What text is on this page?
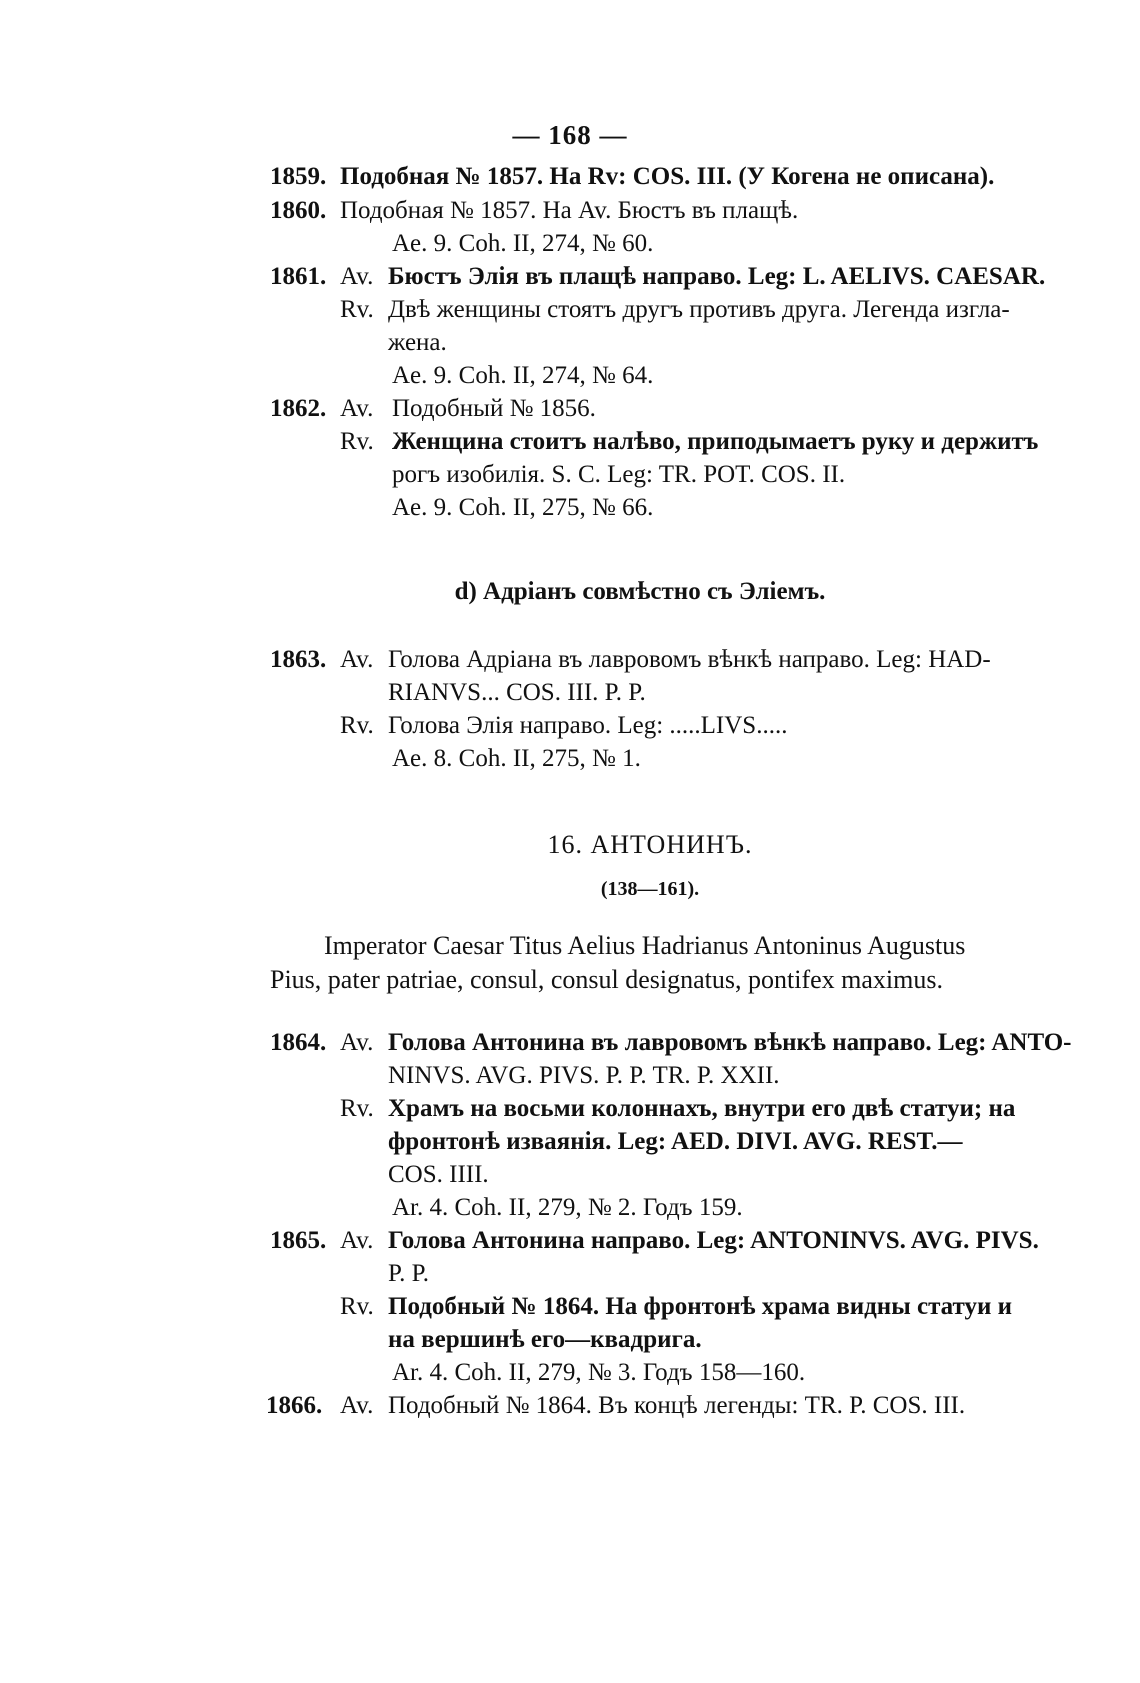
— 168 —
1859. Подобная № 1857. На Rv: COS. III. (У Когена не описана).
1860. Подобная № 1857. На Av. Бюстъ въ плащѣ.
Ae. 9. Coh. II, 274, № 60.
1861. Av. Бюстъ Элія въ плащѣ направо. Leg: L. AELIVS. CAESAR.
Rv. Двѣ женщины стоятъ другъ противъ друга. Легенда изгла-
жена.
Ae. 9. Coh. II, 274, № 64.
1862. Av. Подобный № 1856.
Rv. Женщина стоитъ налѣво, приподымаетъ руку и держитъ
рогъ изобилія. S. C. Leg: TR. POT. COS. II.
Ae. 9. Coh. II, 275, № 66.
d) Адріанъ совмѣстно съ Эліемъ.
1863. Av. Голова Адріана въ лавровомъ вѣнкѣ направо. Leg: HAD-
RIANVS... COS. III. P. P.
Rv. Голова Элія направо. Leg: .....LIVS.....
Ae. 8. Coh. II, 275, № 1.
16. АНТОНИНЪ.
(138—161).
Imperator Caesar Titus Aelius Hadrianus Antoninus Augustus
Pius, pater patriae, consul, consul designatus, pontifex maximus.
1864. Av. Голова Антонина въ лавровомъ вѣнкѣ направо. Leg: ANTO-
NINVS. AVG. PIVS. P. P. TR. P. XXII.
Rv. Храмъ на восьми колоннахъ, внутри его двѣ статуи; на
фронтонѣ изваянія. Leg: AED. DIVI. AVG. REST.—
COS. IIII.
Ar. 4. Coh. II, 279, № 2. Годъ 159.
1865. Av. Голова Антонина направо. Leg: ANTONINVS. AVG. PIVS.
P. P.
Rv. Подобный № 1864. На фронтонѣ храма видны статуи и
на вершинѣ его—квадрига.
Ar. 4. Coh. II, 279, № 3. Годъ 158—160.
1866. Av. Подобный № 1864. Въ концѣ легенды: TR. P. COS. III.
